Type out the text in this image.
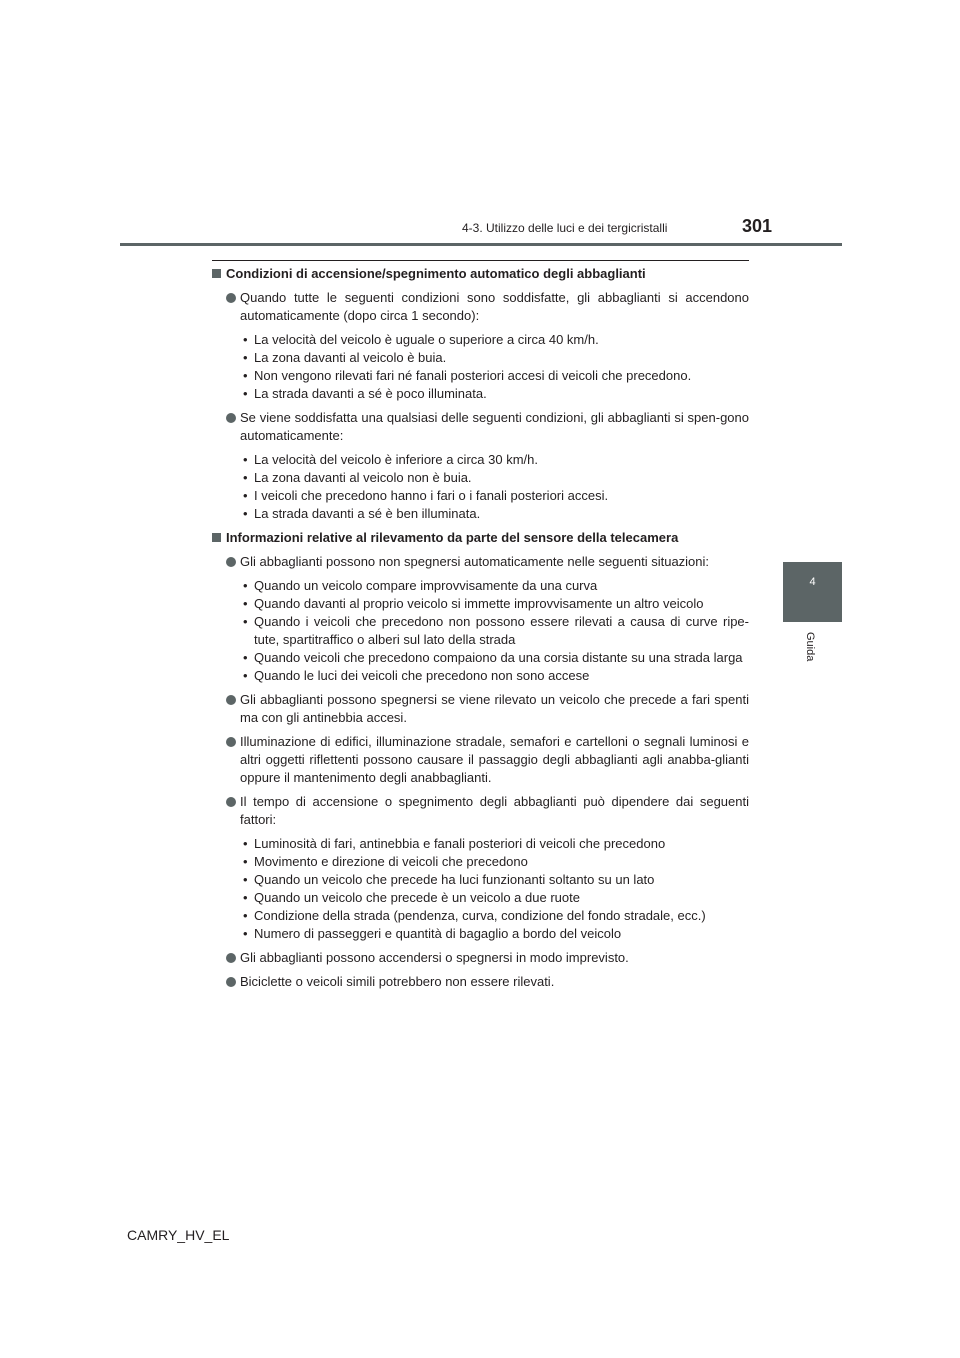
4-3. Utilizzo delle luci e dei tergicristalli	301
4
Guida
Condizioni di accensione/spegnimento automatico degli abbaglianti
Quando tutte le seguenti condizioni sono soddisfatte, gli abbaglianti si accendono automaticamente (dopo circa 1 secondo):
• La velocità del veicolo è uguale o superiore a circa 40 km/h.
• La zona davanti al veicolo è buia.
• Non vengono rilevati fari né fanali posteriori accesi di veicoli che precedono.
• La strada davanti a sé è poco illuminata.
Se viene soddisfatta una qualsiasi delle seguenti condizioni, gli abbaglianti si spen-gono automaticamente:
• La velocità del veicolo è inferiore a circa 30 km/h.
• La zona davanti al veicolo non è buia.
• I veicoli che precedono hanno i fari o i fanali posteriori accesi.
• La strada davanti a sé è ben illuminata.
Informazioni relative al rilevamento da parte del sensore della telecamera
Gli abbaglianti possono non spegnersi automaticamente nelle seguenti situazioni:
• Quando un veicolo compare improvvisamente da una curva
• Quando davanti al proprio veicolo si immette improvvisamente un altro veicolo
• Quando i veicoli che precedono non possono essere rilevati a causa di curve ripe-tute, spartitraffico o alberi sul lato della strada
• Quando veicoli che precedono compaiono da una corsia distante su una strada larga
• Quando le luci dei veicoli che precedono non sono accese
Gli abbaglianti possono spegnersi se viene rilevato un veicolo che precede a fari spenti ma con gli antinebbia accesi.
Illuminazione di edifici, illuminazione stradale, semafori e cartelloni o segnali luminosi e altri oggetti riflettenti possono causare il passaggio degli abbaglianti agli anabba-glianti oppure il mantenimento degli anabbaglianti.
Il tempo di accensione o spegnimento degli abbaglianti può dipendere dai seguenti fattori:
• Luminosità di fari, antinebbia e fanali posteriori di veicoli che precedono
• Movimento e direzione di veicoli che precedono
• Quando un veicolo che precede ha luci funzionanti soltanto su un lato
• Quando un veicolo che precede è un veicolo a due ruote
• Condizione della strada (pendenza, curva, condizione del fondo stradale, ecc.)
• Numero di passeggeri e quantità di bagaglio a bordo del veicolo
Gli abbaglianti possono accendersi o spegnersi in modo imprevisto.
Biciclette o veicoli simili potrebbero non essere rilevati.
CAMRY_HV_EL
